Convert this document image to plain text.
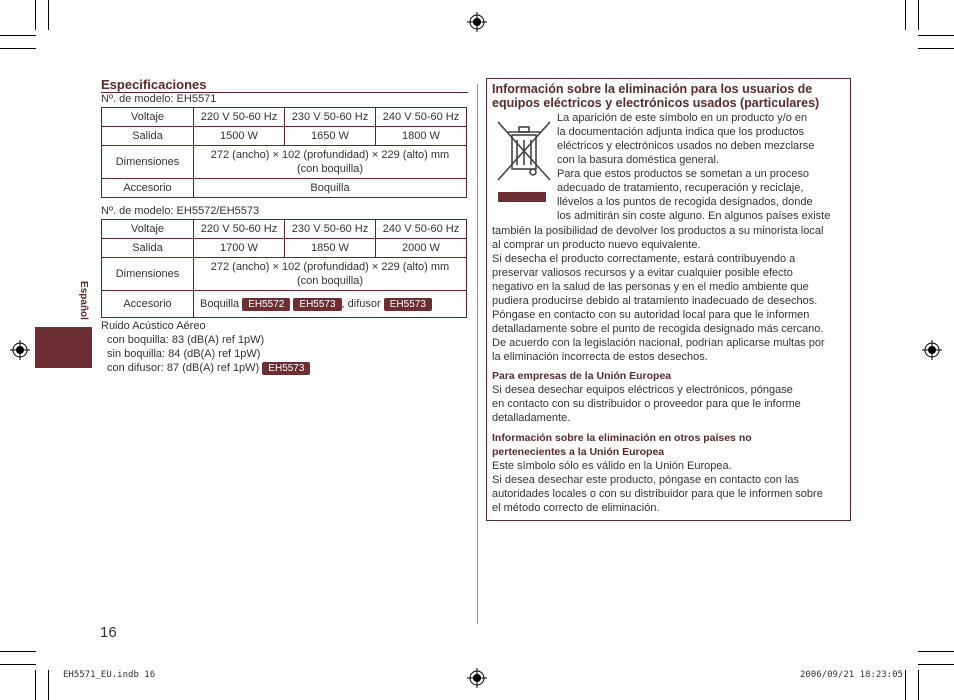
Especificaciones
Nº. de modelo: EH5571
Voltaje	220 V 50-60 Hz	230 V 50-60 Hz	240 V 50-60 Hz
Salida	1500 W	1650 W	1800 W
Dimensiones	272 (ancho) × 102 (profundidad) × 229 (alto) mm
(con boquilla)		

Accesorio	Boquilla		
Nº. de modelo: EH5572/EH5573
Voltaje	220 V 50-60 Hz	230 V 50-60 Hz	240 V 50-60 Hz
Salida	1700 W	1850 W	2000 W
Dimensiones	272 (ancho) × 102 (profundidad) × 229 (alto) mm
(con boquilla)		

Accesorio	Boquilla EH5572 EH5573 , difusor EH5573		
Ruido Acústico Aéreo
con boquilla: 83 (dB(A) ref 1pW)
sin boquilla: 84 (dB(A) ref 1pW)
con difusor: 87 (dB(A) ref 1pW) EH5573
Español
Información sobre la eliminación para los usuarios de equipos eléctricos y electrónicos usados (particulares)
La aparición de este símbolo en un producto y/o en
la documentación adjunta indica que los productos
eléctricos y electrónicos usados no deben mezclarse
con la basura doméstica general.
Para que estos productos se sometan a un proceso
adecuado de tratamiento, recuperación y reciclaje,
llévelos a los puntos de recogida designados, donde
los admitirán sin coste alguno. En algunos países existe
también la posibilidad de devolver los productos a su minorista local
al comprar un producto nuevo equivalente.
Si desecha el producto correctamente, estará contribuyendo a
preservar valiosos recursos y a evitar cualquier posible efecto
negativo en la salud de las personas y en el medio ambiente que
pudiera producirse debido al tratamiento inadecuado de desechos.
Póngase en contacto con su autoridad local para que le informen
detalladamente sobre el punto de recogida designado más cercano.
De acuerdo con la legislación nacional, podrían aplicarse multas por
la eliminación incorrecta de estos desechos.
Para empresas de la Unión Europea
Si desea desechar equipos eléctricos y electrónicos, póngase
en contacto con su distribuidor o proveedor para que le informe
detalladamente.
Información sobre la eliminación en otros países no
pertenecientes a la Unión Europea
Este símbolo sólo es válido en la Unión Europea.
Si desea desechar este producto, póngase en contacto con las
autoridades locales o con su distribuidor para que le informen sobre
el método correcto de eliminación.
16
EH5571_EU.indb 16	2006/09/21 18:23:05
